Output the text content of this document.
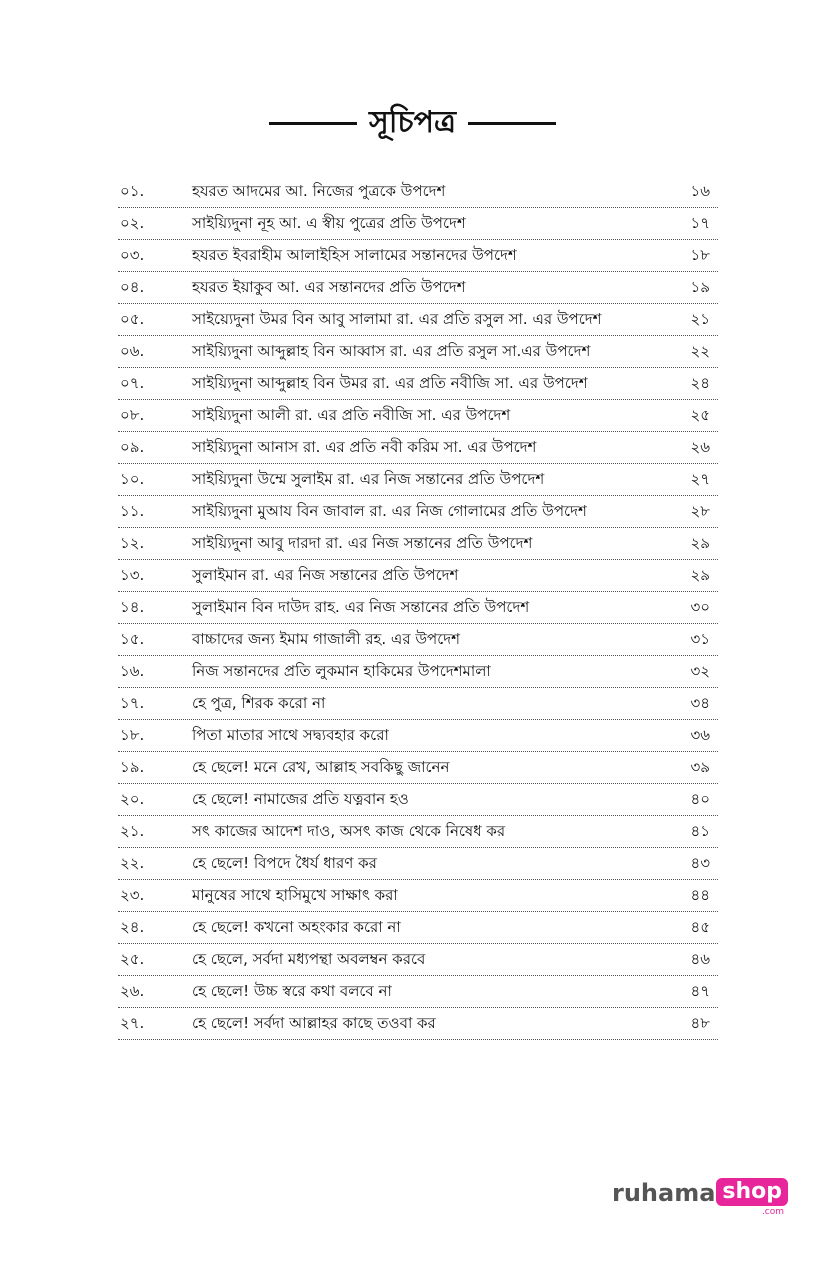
সূচিপত্র
০১.	হযরত আদমের আ. নিজের পুত্রকে উপদেশ	১৬
০২.	সাইয়্যিদুনা নূহ আ. এ স্বীয় পুত্রের প্রতি উপদেশ	১৭
০৩.	হযরত ইবরাহীম আলাইহিস সালামের সন্তানদের উপদেশ	১৮
০৪.	হযরত ইয়াকুব আ. এর সন্তানদের প্রতি উপদেশ	১৯
০৫.	সাইয়্যেদুনা উমর বিন আবু সালামা রা. এর প্রতি রসুল সা. এর উপদেশ	২১
০৬.	সাইয়্যিদুনা আব্দুল্লাহ বিন আব্বাস রা. এর প্রতি রসুল সা.এর উপদেশ	২২
০৭.	সাইয়্যিদুনা আব্দুল্লাহ বিন উমর রা. এর প্রতি নবীজি সা. এর উপদেশ	২৪
০৮.	সাইয়্যিদুনা আলী রা. এর প্রতি নবীজি সা. এর উপদেশ	২৫
০৯.	সাইয়্যিদুনা আনাস রা. এর প্রতি নবী করিম সা. এর উপদেশ	২৬
১০.	সাইয়্যিদুনা উম্মে সুলাইম রা. এর নিজ সন্তানের প্রতি উপদেশ	২৭
১১.	সাইয়্যিদুনা মুআয বিন জাবাল রা. এর নিজ গোলামের প্রতি উপদেশ	২৮
১২.	সাইয়্যিদুনা আবু দারদা রা. এর নিজ সন্তানের প্রতি উপদেশ	২৯
১৩.	সুলাইমান রা. এর নিজ সন্তানের প্রতি উপদেশ	২৯
১৪.	সুলাইমান বিন দাউদ রাহ. এর নিজ সন্তানের প্রতি উপদেশ	৩০
১৫.	বাচ্চাদের জন্য ইমাম গাজালী রহ. এর উপদেশ	৩১
১৬.	নিজ সন্তানদের প্রতি লুকমান হাকিমের উপদেশমালা	৩২
১৭.	হে পুত্র, শিরক করো না	৩৪
১৮.	পিতা মাতার সাথে সদ্ব্যবহার করো	৩৬
১৯.	হে ছেলে! মনে রেখ, আল্লাহ সবকিছু জানেন	৩৯
২০.	হে ছেলে! নামাজের প্রতি যত্নবান হও	৪০
২১.	সৎ কাজের আদেশ দাও, অসৎ কাজ থেকে নিষেধ কর	৪১
২২.	হে ছেলে! বিপদে ধৈর্য ধারণ কর	৪৩
২৩.	মানুষের সাথে হাসিমুখে সাক্ষাৎ করা	৪৪
২৪.	হে ছেলে! কখনো অহংকার করো না	৪৫
২৫.	হে ছেলে, সর্বদা মধ্যপন্থা অবলম্বন করবে	৪৬
২৬.	হে ছেলে! উচ্চ স্বরে কথা বলবে না	৪৭
২৭.	হে ছেলে! সর্বদা আল্লাহর কাছে তওবা কর	৪৮
ruhama shop
.com
